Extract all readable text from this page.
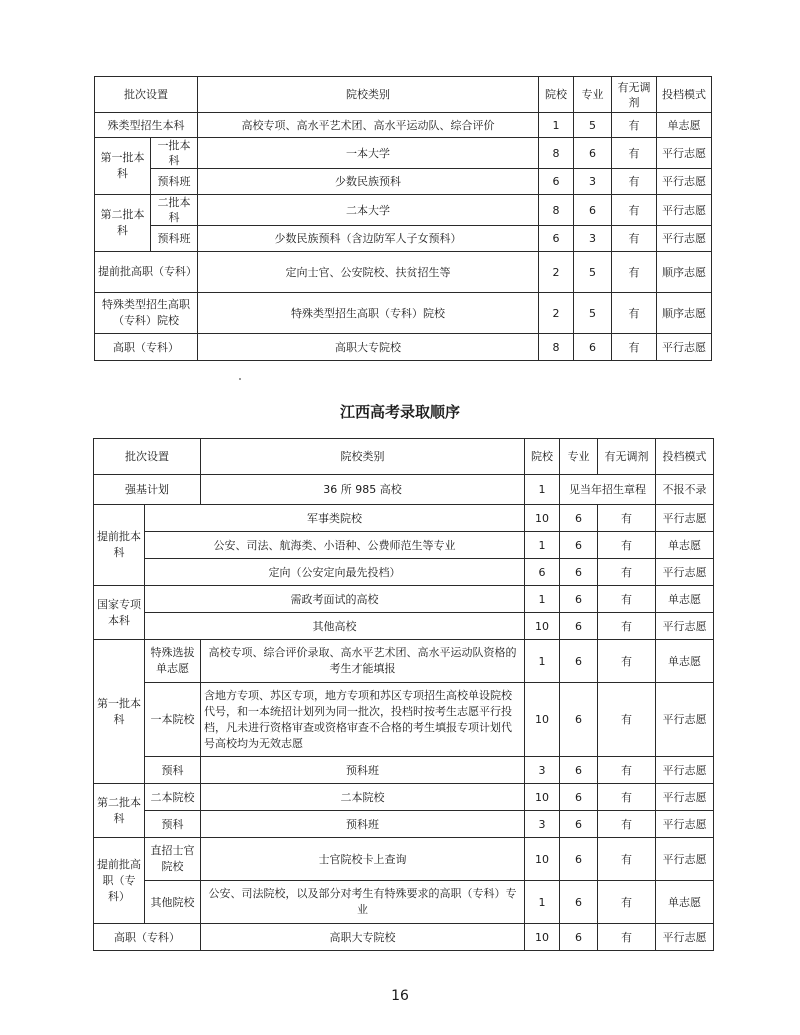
批次设置		院校类别	院校	专业	有无调剂	投档模式
殊类型招生本科		高校专项、高水平艺术团、高水平运动队、综合评价	1	5	有	单志愿
第一批本科	一批本科	一本大学	8	6	有	平行志愿
	预科班	少数民族预科	6	3	有	平行志愿
第二批本科	二批本科	二本大学	8	6	有	平行志愿
	预科班	少数民族预科（含边防军人子女预科）	6	3	有	平行志愿
提前批高职（专科）		定向士官、公安院校、扶贫招生等	2	5	有	顺序志愿
特殊类型招生高职（专科）院校		特殊类型招生高职（专科）院校	2	5	有	顺序志愿
高职（专科）		高职大专院校	8	6	有	平行志愿
江西高考录取顺序
批次设置		院校类别	院校	专业	有无调剂	投档模式
强基计划		36 所 985 高校	1	见当年招生章程		不报不录
提前批本科	军事类院校		10	6	有	平行志愿
	公安、司法、航海类、小语种、公费师范生等专业		1	6	有	单志愿
	定向（公安定向最先投档）		6	6	有	平行志愿
国家专项本科	需政考面试的高校		1	6	有	单志愿
	其他高校		10	6	有	平行志愿
第一批本科	特殊选拔单志愿	高校专项、综合评价录取、高水平艺术团、高水平运动队资格的考生才能填报	1	6	有	单志愿
	一本院校	含地方专项、苏区专项，地方专项和苏区专项招生高校单设院校代号，和一本统招计划列为同一批次，投档时按考生志愿平行投档，凡未进行资格审查或资格审查不合格的考生填报专项计划代号高校均为无效志愿	10	6	有	平行志愿
	预科	预科班	3	6	有	平行志愿
第二批本科	二本院校	二本院校	10	6	有	平行志愿
	预科	预科班	3	6	有	平行志愿
提前批高职（专科）	直招士官院校	士官院校卡上查询	10	6	有	平行志愿
	其他院校	公安、司法院校，以及部分对考生有特殊要求的高职（专科）专业	1	6	有	单志愿
高职（专科）		高职大专院校	10	6	有	平行志愿
16
